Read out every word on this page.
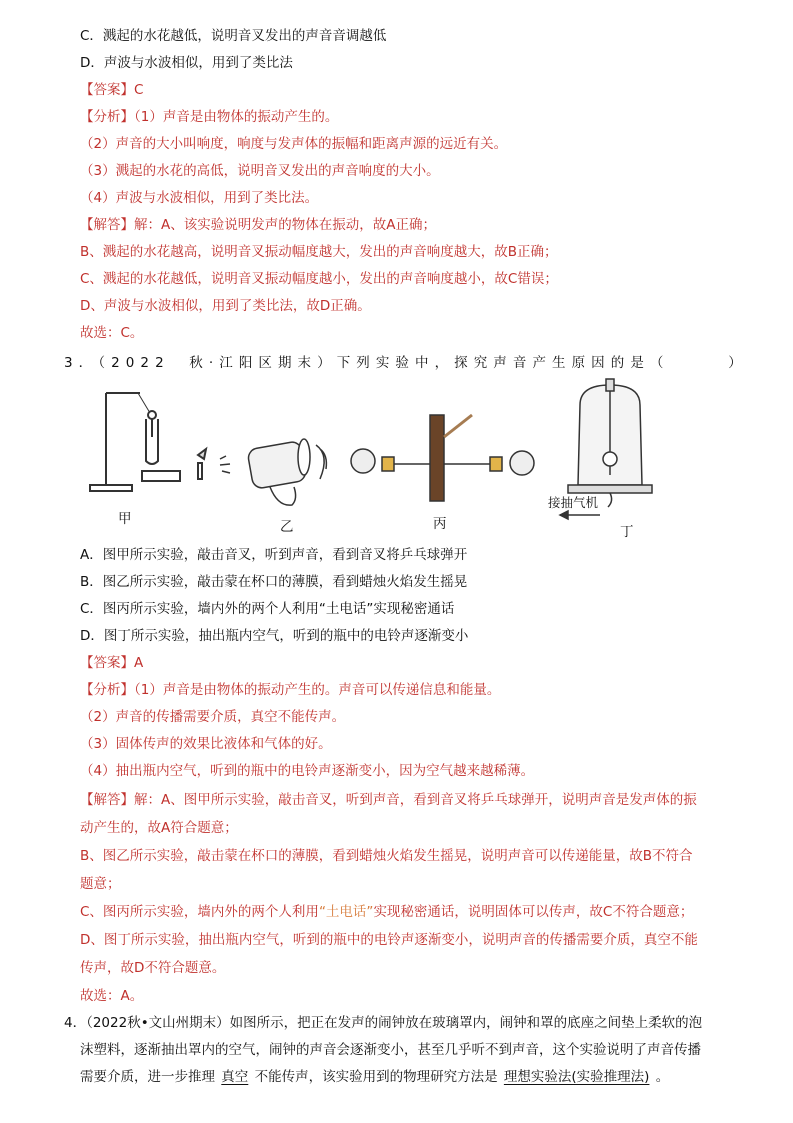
C．溅起的水花越低，说明音叉发出的声音音调越低
D．声波与水波相似，用到了类比法
【答案】C
【分析】（1）声音是由物体的振动产生的。
（2）声音的大小叫响度，响度与发声体的振幅和距离声源的远近有关。
（3）溅起的水花的高低，说明音叉发出的声音响度的大小。
（4）声波与水波相似，用到了类比法。
【解答】解：A、该实验说明发声的物体在振动，故A正确；
B、溅起的水花越高，说明音叉振动幅度越大，发出的声音响度越大，故B正确；
C、溅起的水花越低，说明音叉振动幅度越小，发出的声音响度越小，故C错误；
D、声波与水波相似，用到了类比法，故D正确。
故选：C。
3．（2022　秋·江阳区期末）下列实验中，探究声音产生原因的是（　　　）
甲	乙	丙
接抽气机
丁
A．图甲所示实验，敲击音叉，听到声音，看到音叉将乒乓球弹开
B．图乙所示实验，敲击蒙在杯口的薄膜，看到蜡烛火焰发生摇晃
C．图丙所示实验，墙内外的两个人利用“土电话”实现秘密通话
D．图丁所示实验，抽出瓶内空气，听到的瓶中的电铃声逐渐变小
【答案】A
【分析】（1）声音是由物体的振动产生的。声音可以传递信息和能量。
（2）声音的传播需要介质，真空不能传声。
（3）固体传声的效果比液体和气体的好。
（4）抽出瓶内空气，听到的瓶中的电铃声逐渐变小，因为空气越来越稀薄。
【解答】解：A、图甲所示实验，敲击音叉，听到声音，看到音叉将乒乓球弹开，说明声音是发声体的振
动产生的，故A符合题意；
B、图乙所示实验，敲击蒙在杯口的薄膜，看到蜡烛火焰发生摇晃，说明声音可以传递能量，故B不符合
题意；
C、图丙所示实验，墙内外的两个人利用“土电话”实现秘密通话，说明固体可以传声，故C不符合题意；
D、图丁所示实验，抽出瓶内空气，听到的瓶中的电铃声逐渐变小，说明声音的传播需要介质，真空不能
传声，故D不符合题意。
故选：A。
4．（2022秋•文山州期末）如图所示，把正在发声的闹钟放在玻璃罩内，闹钟和罩的底座之间垫上柔软的泡
沫塑料，逐渐抽出罩内的空气，闹钟的声音会逐渐变小，甚至几乎听不到声音，这个实验说明了声音传播
需要介质，进一步推理 真空 不能传声，该实验用到的物理研究方法是 理想实验法(实验推理法) 。
